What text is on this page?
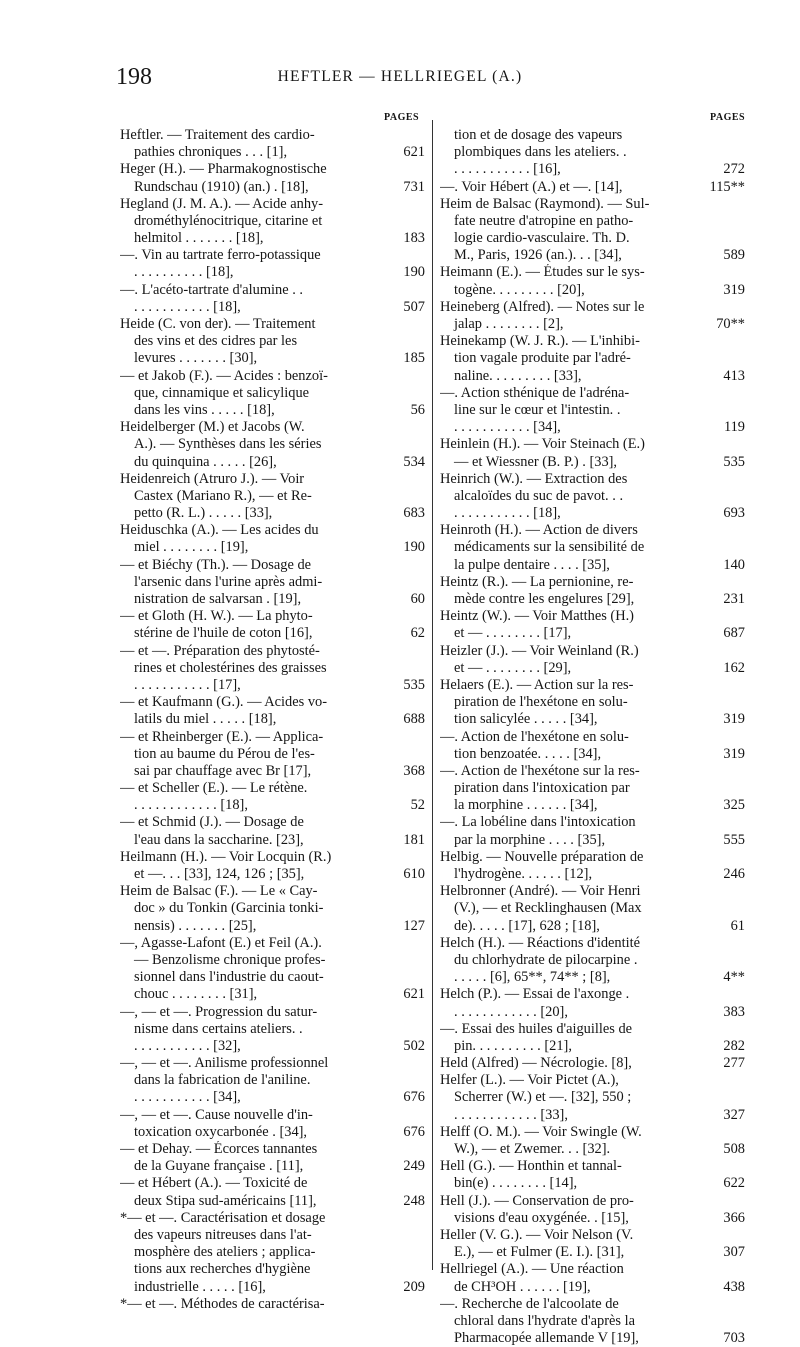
198	HEFTLER — HELLRIEGEL (A.)
PAGES	PAGES
Heftler. — Traitement des cardio-
pathies chroniques . . . [1],	621
Heger (H.). — Pharmakognostische
Rundschau (1910) (an.) . [18],	731
Hegland (J. M. A.). — Acide anhy-
drométhylénocitrique, citarine et
helmitol . . . . . . . [18],	183
—. Vin au tartrate ferro-potassique
. . . . . . . . . . [18],	190
—. L'acéto-tartrate d'alumine . .
. . . . . . . . . . . [18],	507
Heide (C. von der). — Traitement
des vins et des cidres par les
levures . . . . . . . [30],	185
— et Jakob (F.). — Acides : benzoï-
que, cinnamique et salicylique
dans les vins . . . . . [18],	56
Heidelberger (M.) et Jacobs (W.
A.). — Synthèses dans les séries
du quinquina . . . . . [26],	534
Heidenreich (Atruro J.). — Voir
Castex (Mariano R.), — et Re-
petto (R. L.) . . . . . [33],	683
Heiduschka (A.). — Les acides du
miel . . . . . . . . [19],	190
— et Biéchy (Th.). — Dosage de
l'arsenic dans l'urine après admi-
nistration de salvarsan . [19],	60
— et Gloth (H. W.). — La phyto-
stérine de l'huile de coton [16],	62
— et —. Préparation des phytosté-
rines et cholestérines des graisses
. . . . . . . . . . . [17],	535
— et Kaufmann (G.). — Acides vo-
latils du miel . . . . . [18],	688
— et Rheinberger (E.). — Applica-
tion au baume du Pérou de l'es-
sai par chauffage avec Br [17],	368
— et Scheller (E.). — Le rétène.
. . . . . . . . . . . . [18],	52
— et Schmid (J.). — Dosage de
l'eau dans la saccharine. [23],	181
Heilmann (H.). — Voir Locquin (R.)
et —. . . [33], 124, 126 ; [35],	610
Heim de Balsac (F.). — Le « Cay-
doc » du Tonkin (Garcinia tonki-
nensis) . . . . . . . [25],	127
—, Agasse-Lafont (E.) et Feil (A.).
— Benzolisme chronique profes-
sionnel dans l'industrie du caout-
chouc . . . . . . . . [31],	621
—, — et —. Progression du satur-
nisme dans certains ateliers. .
. . . . . . . . . . . [32],	502
—, — et —. Anilisme professionnel
dans la fabrication de l'aniline.
. . . . . . . . . . . [34],	676
—, — et —. Cause nouvelle d'in-
toxication oxycarbonée . [34],	676
— et Dehay. — Écorces tannantes
de la Guyane française . [11],	249
— et Hébert (A.). — Toxicité de
deux Stipa sud-américains [11],	248
*— et —. Caractérisation et dosage
des vapeurs nitreuses dans l'at-
mosphère des ateliers ; applica-
tions aux recherches d'hygiène
industrielle . . . . . [16],	209
*— et —. Méthodes de caractérisa-
tion et de dosage des vapeurs
plombiques dans les ateliers. .
. . . . . . . . . . . [16],	272
—. Voir Hébert (A.) et —. [14],	115**
Heim de Balsac (Raymond). — Sul-
fate neutre d'atropine en patho-
logie cardio-vasculaire. Th. D.
M., Paris, 1926 (an.). . . [34],	589
Heimann (E.). — Études sur le sys-
togène. . . . . . . . . [20],	319
Heineberg (Alfred). — Notes sur le
jalap . . . . . . . . [2],	70**
Heinekamp (W. J. R.). — L'inhibi-
tion vagale produite par l'adré-
naline. . . . . . . . . [33],	413
—. Action sthénique de l'adréna-
line sur le cœur et l'intestin. .
. . . . . . . . . . . [34],	119
Heinlein (H.). — Voir Steinach (E.)
— et Wiessner (B. P.) . [33],	535
Heinrich (W.). — Extraction des
alcaloïdes du suc de pavot. . .
. . . . . . . . . . . [18],	693
Heinroth (H.). — Action de divers
médicaments sur la sensibilité de
la pulpe dentaire . . . . [35],	140
Heintz (R.). — La pernionine, re-
mède contre les engelures [29],	231
Heintz (W.). — Voir Matthes (H.)
et — . . . . . . . . [17],	687
Heizler (J.). — Voir Weinland (R.)
et — . . . . . . . . [29],	162
Helaers (E.). — Action sur la res-
piration de l'hexétone en solu-
tion salicylée . . . . . [34],	319
—. Action de l'hexétone en solu-
tion benzoatée. . . . . [34],	319
—. Action de l'hexétone sur la res-
piration dans l'intoxication par
la morphine . . . . . . [34],	325
—. La lobéline dans l'intoxication
par la morphine . . . . [35],	555
Helbig. — Nouvelle préparation de
l'hydrogène. . . . . . [12],	246
Helbronner (André). — Voir Henri
(V.), — et Recklinghausen (Max
de). . . . . [17], 628 ; [18],	61
Helch (H.). — Réactions d'identité
du chlorhydrate de pilocarpine .
. . . . . [6], 65**, 74** ; [8],	4**
Helch (P.). — Essai de l'axonge .
. . . . . . . . . . . . [20],	383
—. Essai des huiles d'aiguilles de
pin. . . . . . . . . . [21],	282
Held (Alfred) — Nécrologie. [8],	277
Helfer (L.). — Voir Pictet (A.),
Scherrer (W.) et —. [32], 550 ;
. . . . . . . . . . . . [33],	327
Helff (O. M.). — Voir Swingle (W.
W.), — et Zwemer. . . [32].	508
Hell (G.). — Honthin et tannal-
bin(e) . . . . . . . . [14],	622
Hell (J.). — Conservation de pro-
visions d'eau oxygénée. . [15],	366
Heller (V. G.). — Voir Nelson (V.
E.), — et Fulmer (E. I.). [31],	307
Hellriegel (A.). — Une réaction
de CH³OH . . . . . . [19],	438
—. Recherche de l'alcoolate de
chloral dans l'hydrate d'après la
Pharmacopée allemande V [19],	703
